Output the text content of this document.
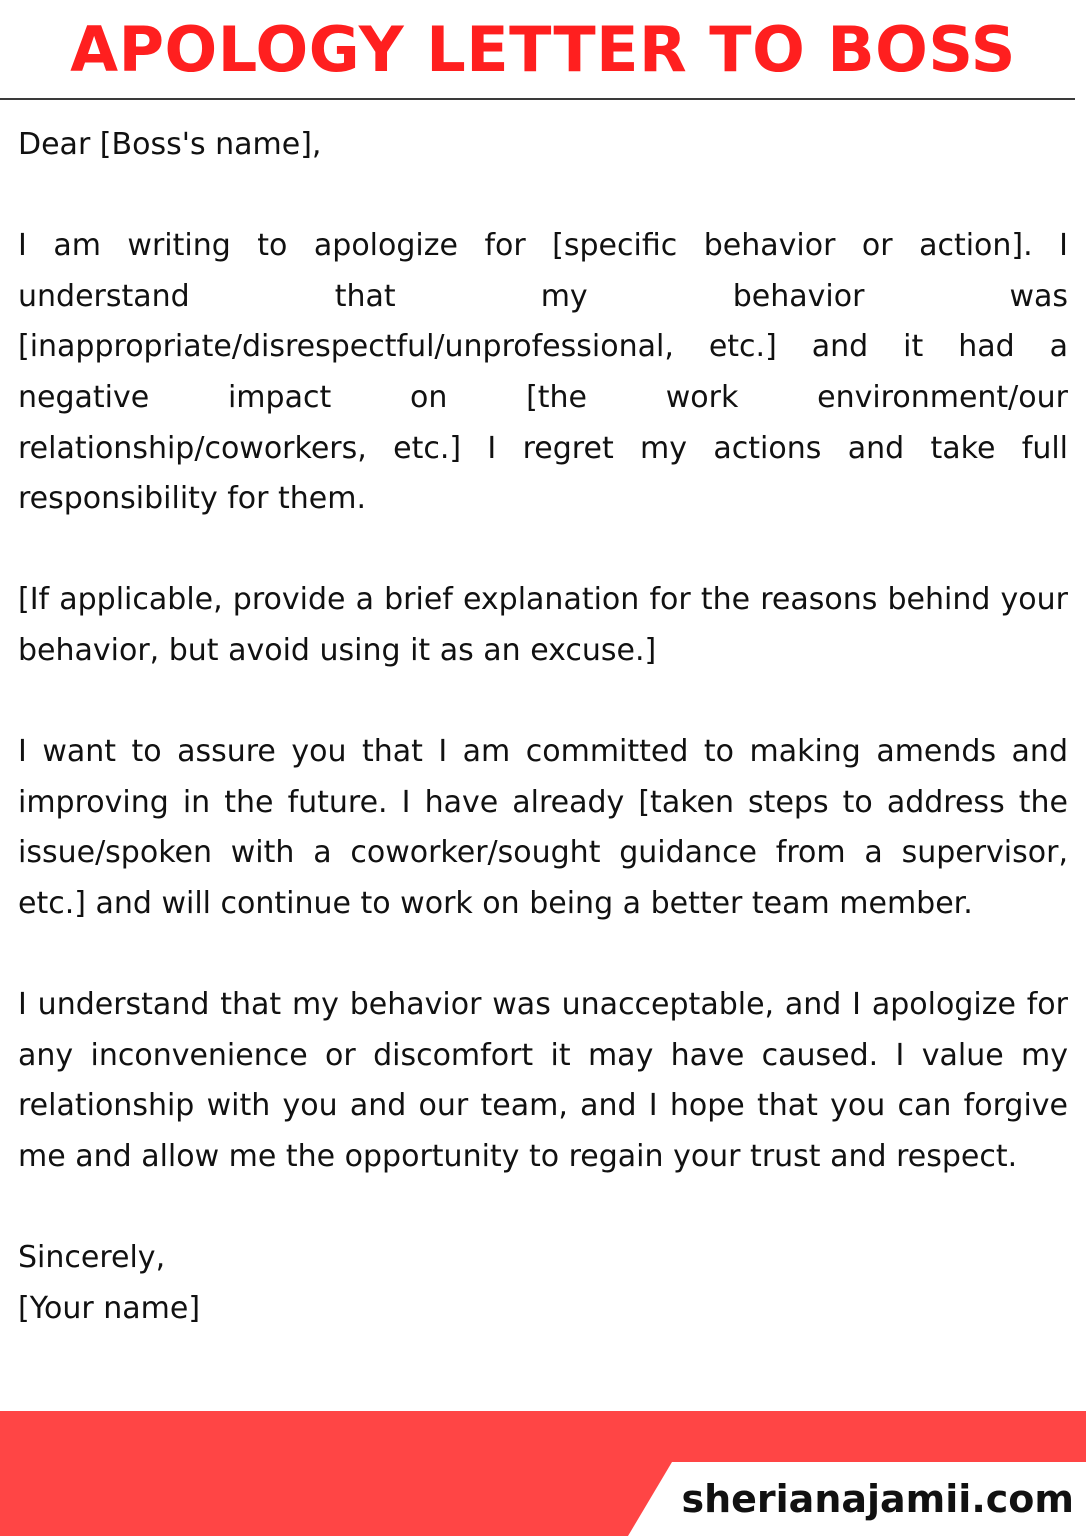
APOLOGY LETTER TO BOSS

Dear [Boss's name],

I am writing to apologize for [specific behavior or action]. I understand that my behavior was [inappropriate/disrespectful/unprofessional, etc.] and it had a negative impact on [the work environment/our relationship/coworkers, etc.] I regret my actions and take full responsibility for them.

[If applicable, provide a brief explanation for the reasons behind your behavior, but avoid using it as an excuse.]

I want to assure you that I am committed to making amends and improving in the future. I have already [taken steps to address the issue/spoken with a coworker/sought guidance from a supervisor, etc.] and will continue to work on being a better team member.

I understand that my behavior was unacceptable, and I apologize for any inconvenience or discomfort it may have caused. I value my relationship with you and our team, and I hope that you can forgive me and allow me the opportunity to regain your trust and respect.

Sincerely,
[Your name]
sherianajamii.com
